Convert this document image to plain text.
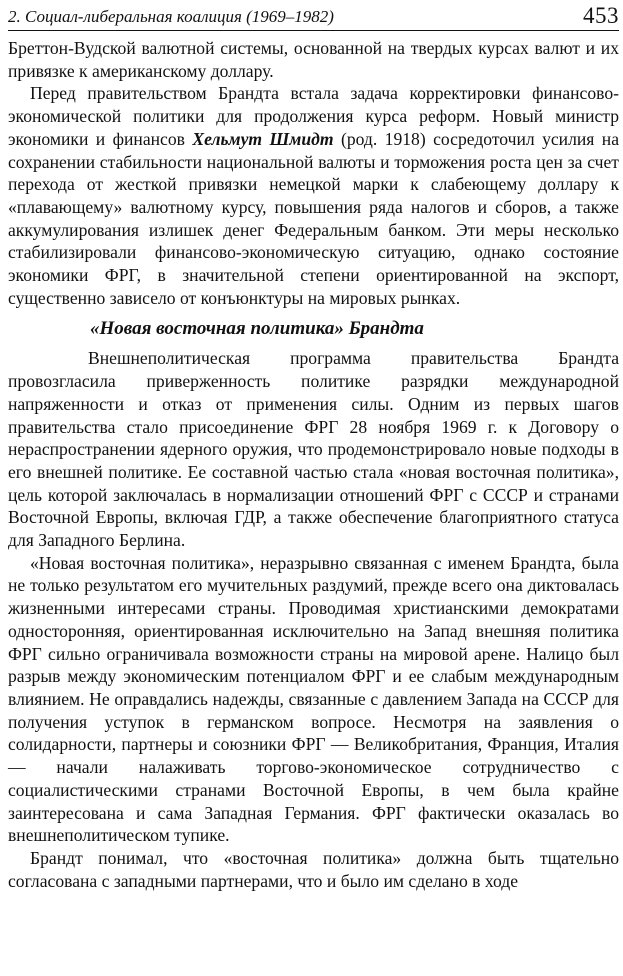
2. Социал-либеральная коалиция (1969–1982)	453

Бреттон-Вудской валютной системы, основанной на твердых курсах валют и их привязке к американскому доллару.

Перед правительством Брандта встала задача корректировки финансово-экономической политики для продолжения курса реформ. Новый министр экономики и финансов Хельмут Шмидт (род. 1918) сосредоточил усилия на сохранении стабильности национальной валюты и торможения роста цен за счет перехода от жесткой привязки немецкой марки к слабеющему доллару к «плавающему» валютному курсу, повышения ряда налогов и сборов, а также аккумулирования излишек денег Федеральным банком. Эти меры несколько стабилизировали финансово-экономическую ситуацию, однако состояние экономики ФРГ, в значительной степени ориентированной на экспорт, существенно зависело от конъюнктуры на мировых рынках.

«Новая восточная политика» Брандта

Внешнеполитическая программа правительства Брандта провозгласила приверженность политике разрядки международной напряженности и отказ от применения силы. Одним из первых шагов правительства стало присоединение ФРГ 28 ноября 1969 г. к Договору о нераспространении ядерного оружия, что продемонстрировало новые подходы в его внешней политике. Ее составной частью стала «новая восточная политика», цель которой заключалась в нормализации отношений ФРГ с СССР и странами Восточной Европы, включая ГДР, а также обеспечение благоприятного статуса для Западного Берлина.

«Новая восточная политика», неразрывно связанная с именем Брандта, была не только результатом его мучительных раздумий, прежде всего она диктовалась жизненными интересами страны. Проводимая христианскими демократами односторонняя, ориентированная исключительно на Запад внешняя политика ФРГ сильно ограничивала возможности страны на мировой арене. Налицо был разрыв между экономическим потенциалом ФРГ и ее слабым международным влиянием. Не оправдались надежды, связанные с давлением Запада на СССР для получения уступок в германском вопросе. Несмотря на заявления о солидарности, партнеры и союзники ФРГ — Великобритания, Франция, Италия — начали налаживать торгово-экономическое сотрудничество с социалистическими странами Восточной Европы, в чем была крайне заинтересована и сама Западная Германия. ФРГ фактически оказалась во внешнеполитическом тупике.

Брандт понимал, что «восточная политика» должна быть тщательно согласована с западными партнерами, что и было им сделано в ходе
